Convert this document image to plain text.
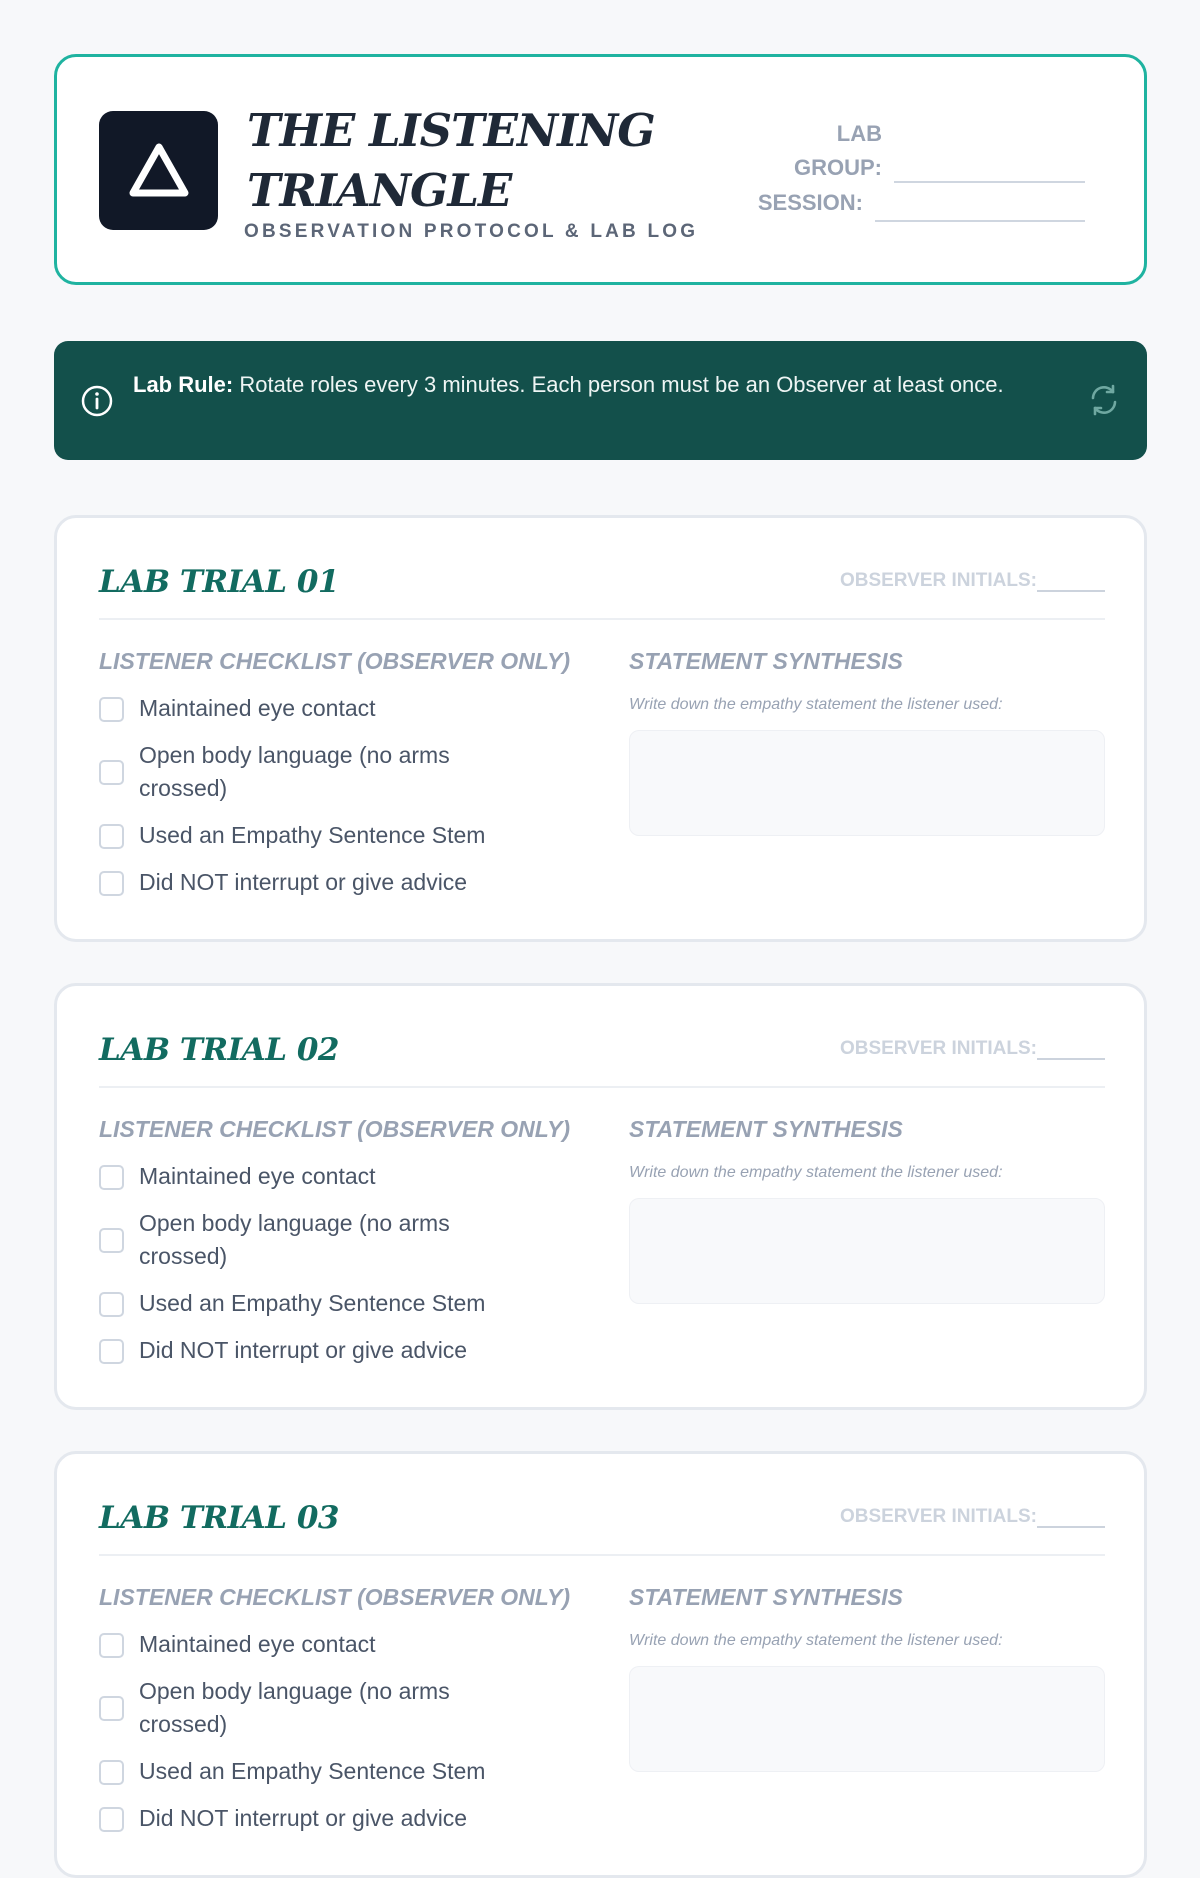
THE LISTENING TRIANGLE
OBSERVATION PROTOCOL & LAB LOG
LAB GROUP:
SESSION:
Lab Rule: Rotate roles every 3 minutes. Each person must be an Observer at least once.
LAB TRIAL 01	OBSERVER INITIALS:
LISTENER CHECKLIST (OBSERVER ONLY)	STATEMENT SYNTHESIS
Maintained eye contact
Open body language (no arms crossed)
Used an Empathy Sentence Stem
Did NOT interrupt or give advice
Write down the empathy statement the listener used:
LAB TRIAL 02	OBSERVER INITIALS:
LISTENER CHECKLIST (OBSERVER ONLY)	STATEMENT SYNTHESIS
Maintained eye contact
Open body language (no arms crossed)
Used an Empathy Sentence Stem
Did NOT interrupt or give advice
Write down the empathy statement the listener used:
LAB TRIAL 03	OBSERVER INITIALS:
LISTENER CHECKLIST (OBSERVER ONLY)	STATEMENT SYNTHESIS
Maintained eye contact
Open body language (no arms crossed)
Used an Empathy Sentence Stem
Did NOT interrupt or give advice
Write down the empathy statement the listener used:
